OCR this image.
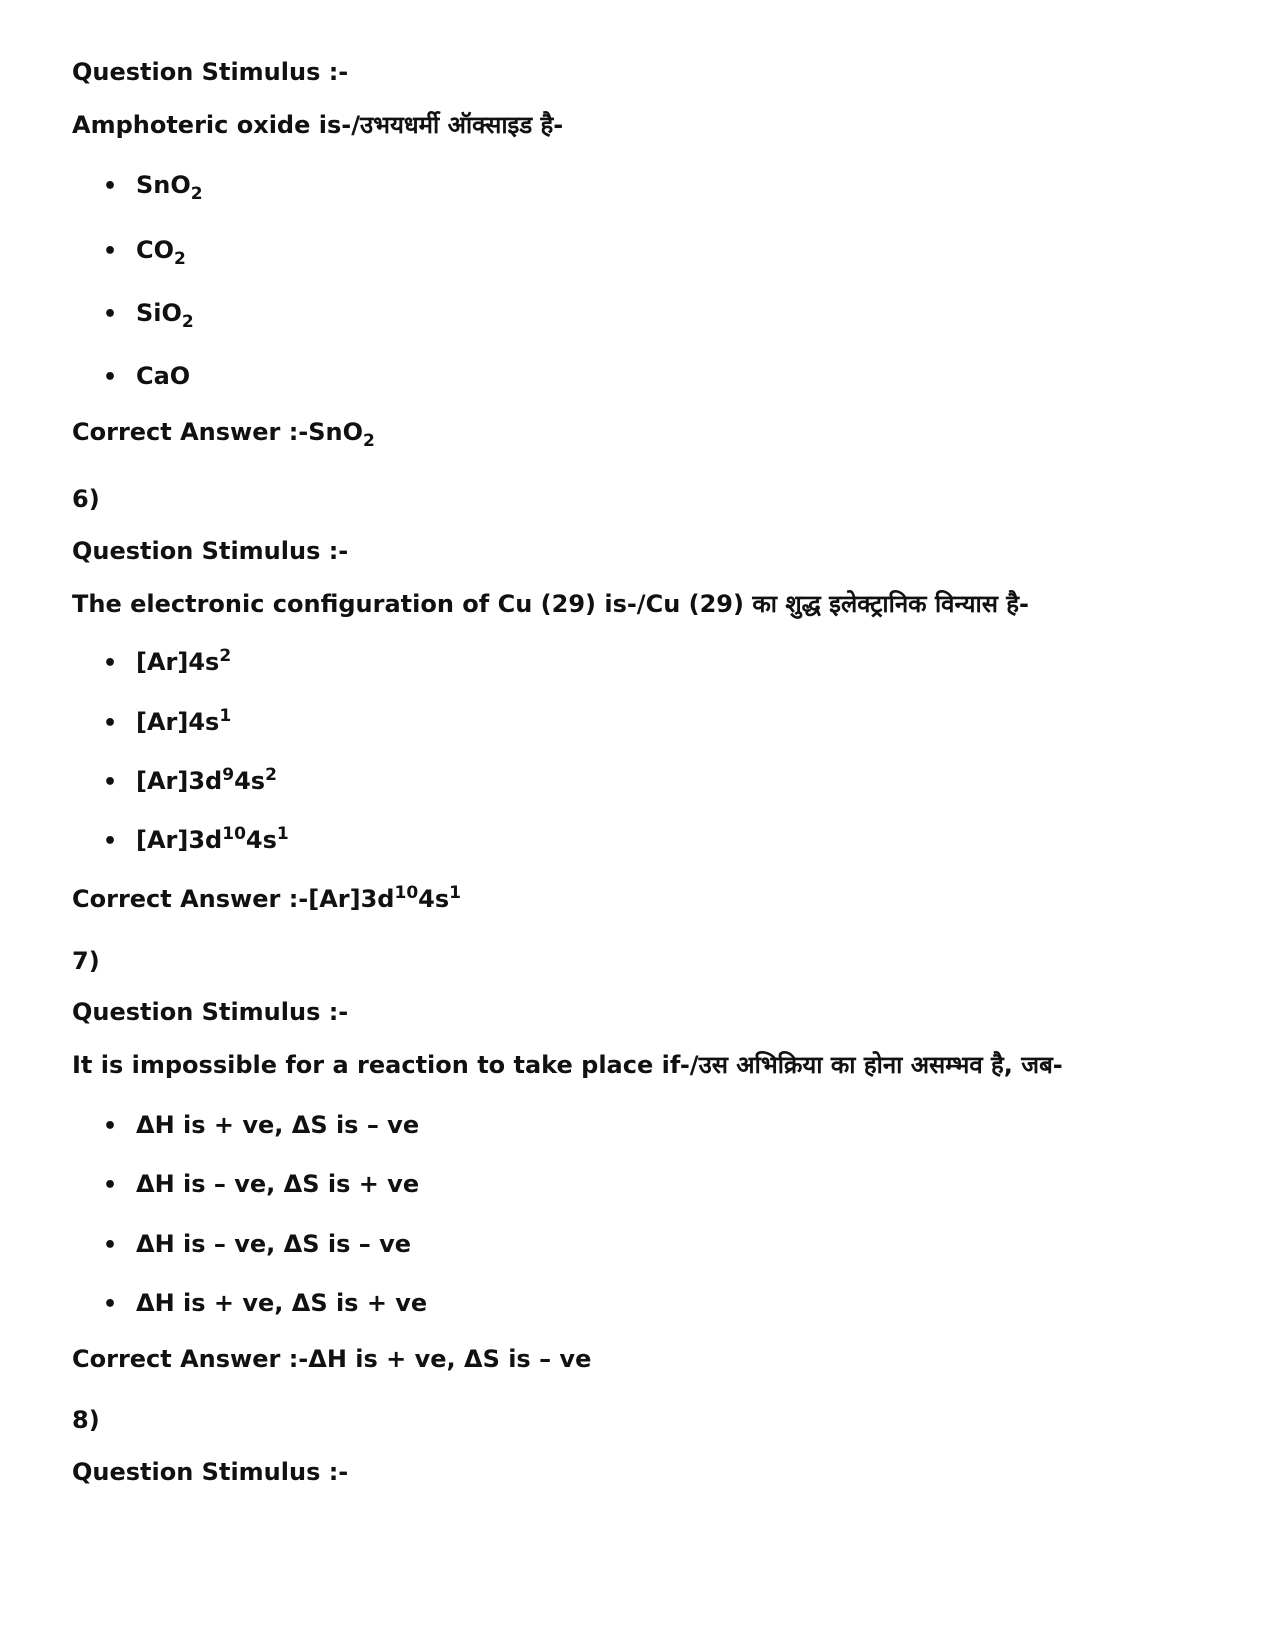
Question Stimulus :-
Amphoteric oxide is-/उभयधर्मी ऑक्साइड है-
• SnO$_2$
• $CO_2$
• SiO$_2$
• CaO
Correct Answer :-SnO$_2$
6)
Question Stimulus :-
The electronic configuration of Cu (29) is-/Cu (29) का शुद्ध इलेक्ट्रानिक विन्यास है-
• $[Ar]4s^2$
• $[Ar]4s^1$
• $[Ar]3d^94s^2$
• $[Ar]3d^{10}4s^1$
Correct Answer $:-[Ar]3d^{10}4s^1$
7)
Question Stimulus :-
It is impossible for a reaction to take place if-/उस अभिक्रिया का होना असम्भव है, जब-
• ΔH is + ve, ΔS is – ve
• ΔH is – ve, ΔS is + ve
• ΔH is – ve, ΔS is – ve
• ΔH is + ve, ΔS is + ve
Correct Answer :-ΔH is + ve, ΔS is – ve
8)
Question Stimulus :-
